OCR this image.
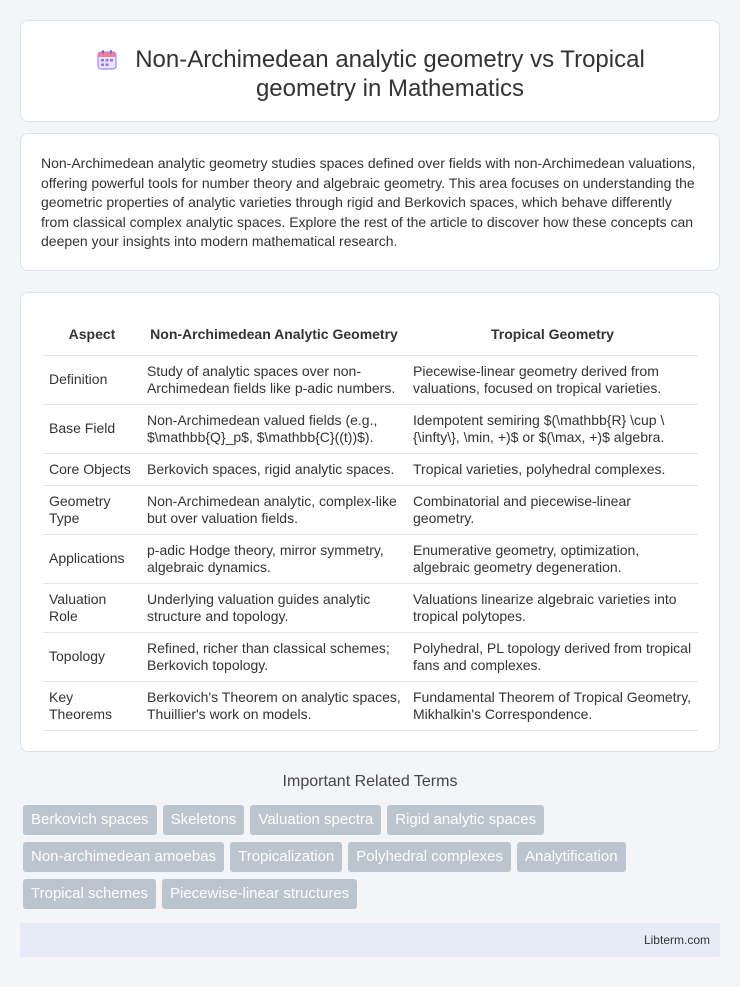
Non-Archimedean analytic geometry vs Tropical geometry in Mathematics

Non-Archimedean analytic geometry studies spaces defined over fields with non-Archimedean valuations, offering powerful tools for number theory and algebraic geometry. This area focuses on understanding the geometric properties of analytic varieties through rigid and Berkovich spaces, which behave differently from classical complex analytic spaces. Explore the rest of the article to discover how these concepts can deepen your insights into modern mathematical research.

Aspect	Non-Archimedean Analytic Geometry	Tropical Geometry
Definition	Study of analytic spaces over non-Archimedean fields like p-adic numbers.	Piecewise-linear geometry derived from valuations, focused on tropical varieties.
Base Field	Non-Archimedean valued fields (e.g., $\mathbb{Q}_p$, $\mathbb{C}((t))$).	Idempotent semiring $(\mathbb{R} \cup \{\infty\}, \min, +)$ or $(\max, +)$ algebra.
Core Objects	Berkovich spaces, rigid analytic spaces.	Tropical varieties, polyhedral complexes.
Geometry Type	Non-Archimedean analytic, complex-like but over valuation fields.	Combinatorial and piecewise-linear geometry.
Applications	p-adic Hodge theory, mirror symmetry, algebraic dynamics.	Enumerative geometry, optimization, algebraic geometry degeneration.
Valuation Role	Underlying valuation guides analytic structure and topology.	Valuations linearize algebraic varieties into tropical polytopes.
Topology	Refined, richer than classical schemes; Berkovich topology.	Polyhedral, PL topology derived from tropical fans and complexes.
Key Theorems	Berkovich's Theorem on analytic spaces, Thuillier's work on models.	Fundamental Theorem of Tropical Geometry, Mikhalkin's Correspondence.
Important Related Terms
Berkovich spaces	Skeletons	Valuation spectra	Rigid analytic spaces
Non-archimedean amoebas	Tropicalization	Polyhedral complexes	Analytification
Tropical schemes	Piecewise-linear structures
Libterm.com
